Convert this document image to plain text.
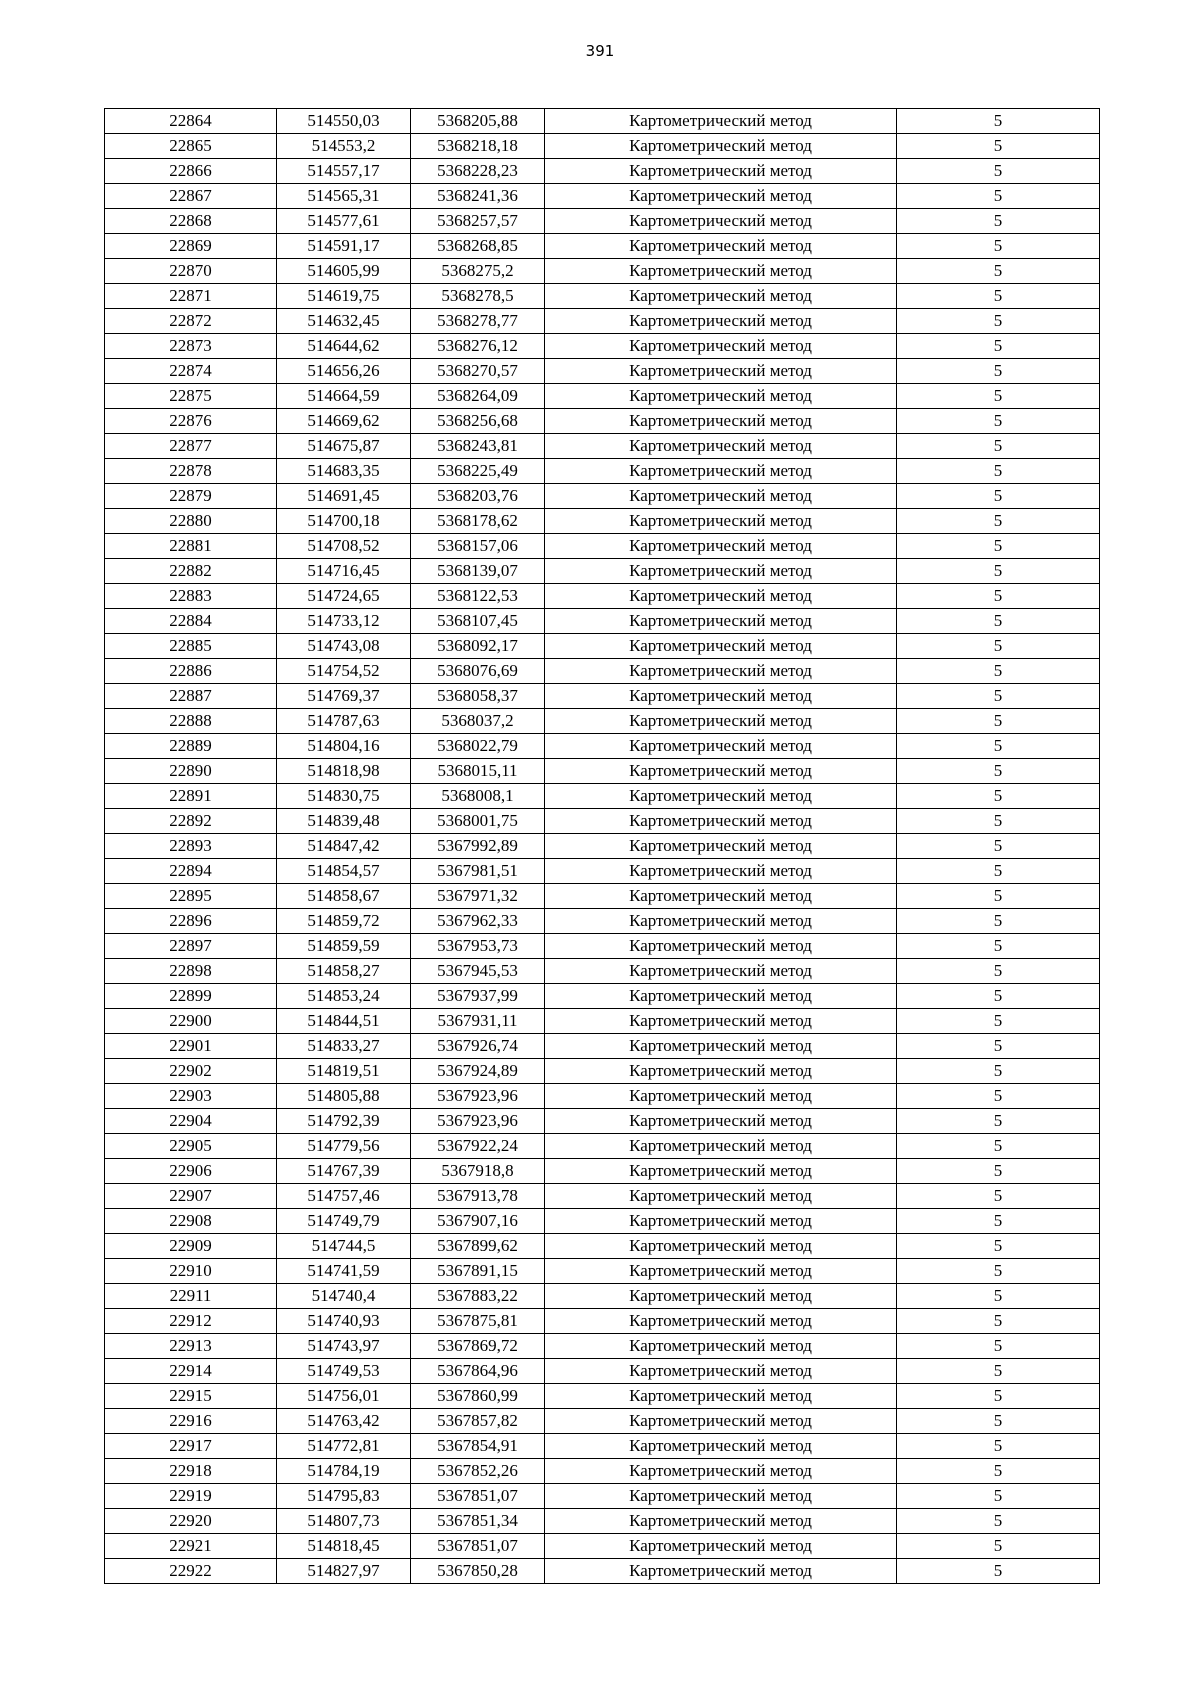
391
22864	514550,03	5368205,88	Картометрический метод	5
22865	514553,2	5368218,18	Картометрический метод	5
22866	514557,17	5368228,23	Картометрический метод	5
22867	514565,31	5368241,36	Картометрический метод	5
22868	514577,61	5368257,57	Картометрический метод	5
22869	514591,17	5368268,85	Картометрический метод	5
22870	514605,99	5368275,2	Картометрический метод	5
22871	514619,75	5368278,5	Картометрический метод	5
22872	514632,45	5368278,77	Картометрический метод	5
22873	514644,62	5368276,12	Картометрический метод	5
22874	514656,26	5368270,57	Картометрический метод	5
22875	514664,59	5368264,09	Картометрический метод	5
22876	514669,62	5368256,68	Картометрический метод	5
22877	514675,87	5368243,81	Картометрический метод	5
22878	514683,35	5368225,49	Картометрический метод	5
22879	514691,45	5368203,76	Картометрический метод	5
22880	514700,18	5368178,62	Картометрический метод	5
22881	514708,52	5368157,06	Картометрический метод	5
22882	514716,45	5368139,07	Картометрический метод	5
22883	514724,65	5368122,53	Картометрический метод	5
22884	514733,12	5368107,45	Картометрический метод	5
22885	514743,08	5368092,17	Картометрический метод	5
22886	514754,52	5368076,69	Картометрический метод	5
22887	514769,37	5368058,37	Картометрический метод	5
22888	514787,63	5368037,2	Картометрический метод	5
22889	514804,16	5368022,79	Картометрический метод	5
22890	514818,98	5368015,11	Картометрический метод	5
22891	514830,75	5368008,1	Картометрический метод	5
22892	514839,48	5368001,75	Картометрический метод	5
22893	514847,42	5367992,89	Картометрический метод	5
22894	514854,57	5367981,51	Картометрический метод	5
22895	514858,67	5367971,32	Картометрический метод	5
22896	514859,72	5367962,33	Картометрический метод	5
22897	514859,59	5367953,73	Картометрический метод	5
22898	514858,27	5367945,53	Картометрический метод	5
22899	514853,24	5367937,99	Картометрический метод	5
22900	514844,51	5367931,11	Картометрический метод	5
22901	514833,27	5367926,74	Картометрический метод	5
22902	514819,51	5367924,89	Картометрический метод	5
22903	514805,88	5367923,96	Картометрический метод	5
22904	514792,39	5367923,96	Картометрический метод	5
22905	514779,56	5367922,24	Картометрический метод	5
22906	514767,39	5367918,8	Картометрический метод	5
22907	514757,46	5367913,78	Картометрический метод	5
22908	514749,79	5367907,16	Картометрический метод	5
22909	514744,5	5367899,62	Картометрический метод	5
22910	514741,59	5367891,15	Картометрический метод	5
22911	514740,4	5367883,22	Картометрический метод	5
22912	514740,93	5367875,81	Картометрический метод	5
22913	514743,97	5367869,72	Картометрический метод	5
22914	514749,53	5367864,96	Картометрический метод	5
22915	514756,01	5367860,99	Картометрический метод	5
22916	514763,42	5367857,82	Картометрический метод	5
22917	514772,81	5367854,91	Картометрический метод	5
22918	514784,19	5367852,26	Картометрический метод	5
22919	514795,83	5367851,07	Картометрический метод	5
22920	514807,73	5367851,34	Картометрический метод	5
22921	514818,45	5367851,07	Картометрический метод	5
22922	514827,97	5367850,28	Картометрический метод	5
